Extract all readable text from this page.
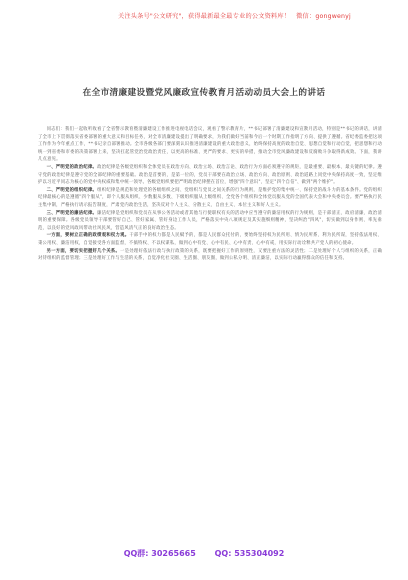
关注头条号"公文研究"，获得最新最全最专业的公文资料库！ 微信：gongwenyj
在全市清廉建设暨党风廉政宣传教育月活动动员大会上的讲话

同志们：我们一起收听收看了全省警示教育暨清廉建设工作推进电视电话会议，观看了警示教育片，**书记部署了清廉建设和宣教月活动，特别是**书记的讲话，讲清了全市上下贯彻落实省委部署的重大意义和目标任务，对全市清廉建设提出了明确要求，为我们做好当前和今后一个时期工作指明了方向、提供了遵循。省纪委监委把这项工作作为今年重点工作，**书记亲自部署推动。全市各级各部门要深刻认识推进清廉建设的重大政治意义，始终保持高度的政治自觉、思想自觉和行动自觉，把思想和行动统一到省委和市委的决策部署上来，坚决扛起管党治党政治责任，以更高的标准、更严的要求、更实的举措，推动全市党风廉政建设和反腐败斗争取得新成效。下面，我讲几点意见。

一、严明党的政治纪律。政治纪律是各级党组织和全体党员在政治方向、政治立场、政治言论、政治行为方面必须遵守的规矩，是最重要、最根本、最关键的纪律。遵守党的政治纪律是遵守党的全部纪律的重要基础。政治是首要的，是第一位的，党员干部要在政治立场、政治方向、政治原则、政治道路上同党中央保持高度一致，坚定维护以习近平同志为核心的党中央权威和集中统一领导。各级党组织要把严明政治纪律摆在首位，增强"四个意识"、坚定"四个自信"、做到"两个维护"。

二、严明党的组织纪律。组织纪律是规范和处理党的各级组织之间、党组织与党员之间关系的行为规则，是维护党的集中统一、保持党的战斗力的基本条件。党的组织纪律最核心的是遵循"四个服从"，即个人服从组织、少数服从多数、下级组织服从上级组织、全党各个组织和全体党员服从党的全国代表大会和中央委员会。要严格执行民主集中制，严格执行请示报告制度，严肃党内政治生活，坚决反对个人主义、分散主义、自由主义、本位主义和好人主义。

三、严明党的廉洁纪律。廉洁纪律是党组织和党员在从事公务活动或者其他与行使职权有关的活动中应当遵守的廉洁用权的行为规则，是干部清正、政府清廉、政治清明的重要保障。各级党员领导干部要管好自己、管好家属、管好身边工作人员，严格落实中央八项规定及其实施细则精神，坚决纠治"四风"，切实做到以身作则、率先垂范，以良好的党风政风带动社风民风，营造风清气正的良好政治生态。

一方面，要树立正确的政绩观和权力观。干部手中的权力都是人民赋予的，都是人民群众托付的，要始终坚持权为民所用、情为民所系、利为民所谋，坚持依法用权、秉公用权、廉洁用权，自觉接受各方面监督，不搞特权、不以权谋私，做到心中有党、心中有民、心中有责、心中有戒，用实际行动诠释共产党人的初心使命。

另一方面，要切实把握好几个关系。一是处理好依法行政与执行政策的关系，既要把握好工作的原则性，又要注重方法的灵活性；二是处理好个人与组织的关系，正确对待组织的监督管理；三是处理好工作与生活的关系，自觉净化社交圈、生活圈、朋友圈，做到公私分明、清正廉洁，以实际行动赢得群众的信任和支持。

QQ群: 30265665 QQ: 535304092
